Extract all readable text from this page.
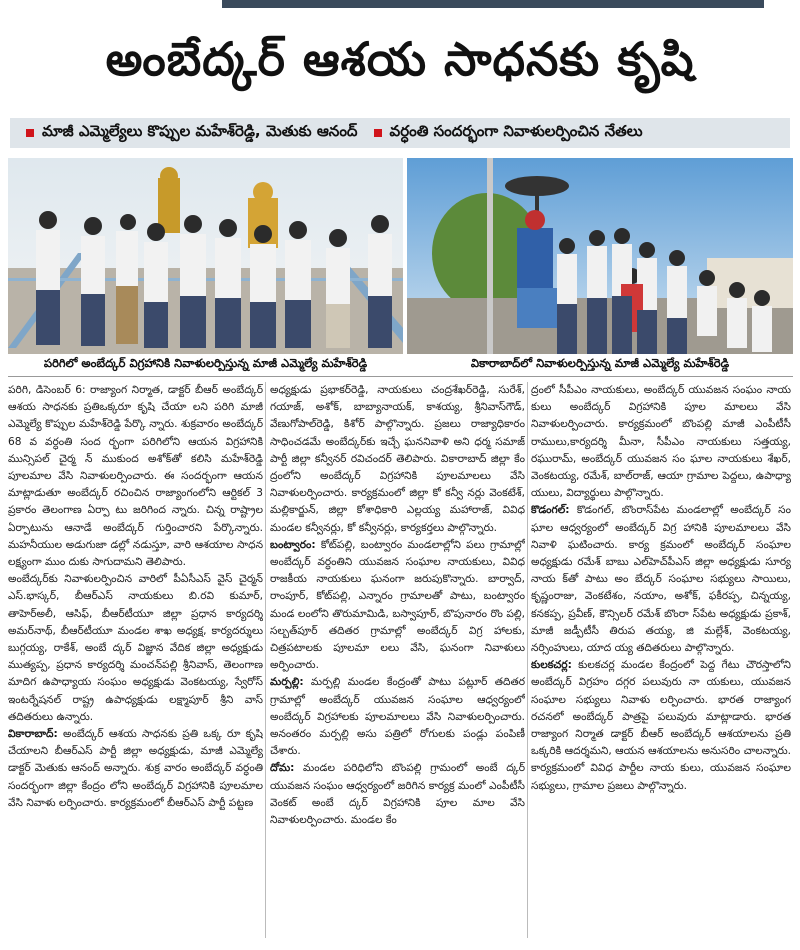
అంబేద్కర్ ఆశయ సాధనకు కృషి
మాజీ ఎమ్మెల్యేలు కొప్పుల మహేశ్‌రెడ్డి, మెతుకు ఆనంద్ వర్ధంతి సందర్భంగా నివాళులర్పించిన నేతలు
పరిగిలో అంబేద్కర్ విగ్రహానికి నివాళులర్పిస్తున్న మాజీ ఎమ్మెల్యే మహేశ్‌రెడ్డి	వికారాబాద్‌లో నివాళులర్పిస్తున్న మాజీ ఎమ్మెల్యే మహేశ్‌రెడ్డి

పరిగి, డిసెంబర్ 6: రాజ్యాంగ నిర్మాత, డాక్టర్ బీఆర్ అంబేద్కర్ ఆశయ సాధనకు ప్రతిఒక్కరూ కృషి చేయా లని పరిగి మాజీ ఎమ్మెల్యే కొప్పుల మహేశ్‌రెడ్డి పేర్కొ న్నారు. శుక్రవారం అంబేద్కర్ 68 వ వర్ధంతి సంద ర్భంగా పరిగిలోని ఆయన విగ్రహానికి మున్సిపల్ చైర్మ న్ ముకుంద అశోక్‌తో కలిసి మహేశ్‌రెడ్డి పూలమాల వేసి నివాళులర్పించారు. ఈ సందర్భంగా ఆయన మాట్లాడుతూ అంబేద్కర్ రచించిన రాజ్యాంగంలోని ఆర్టికల్ 3 ప్రకారం తెలంగాణ ఏర్పా టు జరిగింద న్నారు. చిన్న రాష్ట్రాల ఏర్పాటును ఆనాడే అంబేద్కర్ గుర్తించారని పేర్కొన్నారు. మహనీయుల అడుగుజా డల్లో నడుస్తూ, వారి ఆశయాల సాధన లక్ష్యంగా ముం దుకు సాగుదామని తెలిపారు.

అంబేద్కర్‌కు నివాళులర్పించిన వారిలో పీఏసీఎస్ వైస్ చైర్మన్ ఎస్.భాస్కర్, బీఆర్ఎస్ నాయకులు బి.రవి కుమార్, తాహెర్‌అలీ, ఆసిఫ్, బీఆర్‌టీయూ జిల్లా ప్రధాన కార్యదర్శి అమర్‌నాథ్, బీఆర్‌టీయూ మండల శాఖ అధ్యక్ష, కార్యదర్శులు బుగ్గయ్య, రాకేశ్, అంబే ద్కర్ విజ్ఞాన వేదిక జిల్లా అధ్యక్షుడు ముత్యప్ప, ప్రధాన కార్యదర్శి మంచన్‌పల్లి శ్రీనివాస్, తెలంగాణ మాదిగ ఉపాధ్యాయ సంఘం అధ్యక్షుడు వెంకటయ్య, స్వేరోస్ ఇంటర్నేషనల్ రాష్ట్ర ఉపాధ్యక్షుడు లక్ష్మాపూర్ శ్రీని వాస్ తదితరులు ఉన్నారు.

వికారాబాద్: అంబేద్కర్ ఆశయ సాధనకు ప్రతి ఒక్క రూ కృషి చేయాలని బీఆర్ఎస్ పార్టీ జిల్లా అధ్యక్షుడు, మాజీ ఎమ్మెల్యే డాక్టర్ మెతుకు ఆనంద్ అన్నారు. శుక్ర వారం అంబేద్కర్ వర్ధంతి సందర్భంగా జిల్లా కేంద్రం లోని అంబేద్కర్ విగ్రహానికి పూలమాల వేసి నివాళు లర్పించారు. కార్యక్రమంలో బీఆర్ఎస్ పార్టీ పట్టణ

అధ్యక్షుడు ప్రభాకర్‌రెడ్డి, నాయకులు చంద్రశేఖర్‌రెడ్డి, సురేశ్, గయాజ్, అశోక్, బాబ్యానాయక్, కాశయ్య, శ్రీనివాస్‌గౌడ్, వేణుగోపాల్‌రెడ్డి, కిశోర్ పాల్గొన్నారు. ప్రజలు రాజ్యాధికారం సాధించడమే అంబేద్కర్‌కు ఇచ్చే ఘననివాళి అని ధర్మ సమాజ్ పార్టీ జిల్లా కన్వీనర్ రవిచందర్ తెలిపారు. వికారాబాద్ జిల్లా కేం ద్రంలోని అంబేద్కర్ విగ్రహానికి పూలమాలలు వేసి నివాళులర్పించారు. కార్యక్రమంలో జిల్లా కో కన్వీ నర్లు వెంకటేశ్, మల్లికార్జున్, జిల్లా కోశాధికారి ఎల్లయ్య మహారాజ్, వివిధ మండల కన్వీనర్లు, కో కన్వీనర్లు, కార్యకర్తలు పాల్గొన్నారు.

బంట్వారం: కోట్‌పల్లి, బంట్వారం మండలాల్లోని పలు గ్రామాల్లో అంబేద్కర్ వర్ధంతిని యువజన సంఘాల నాయకులు, వివిధ రాజకీయ నాయకులు ఘనంగా జరుపుకొన్నారు. బార్వాద్, రాంపూర్, కోట్‌పల్లి, ఎన్నారం గ్రామాలతో పాటు, బంట్వారం మండ లంలోని తొరుమామిడి, బస్వాపూర్, బొపునారం రొం పల్లి, సల్బత్‌పూర్ తదితర గ్రామాల్లో అంబేద్కర్ విగ్ర హాలకు, చిత్రపటాలకు పూలమా లలు వేసి, ఘనంగా నివాళులు అర్పించారు.

మర్పల్లి: మర్పల్లి మండల కేంద్రంతో పాటు పట్లూర్ తదితర గ్రామాల్లో అంబేద్కర్ యువజన సంఘాల ఆధ్వర్యంలో అంబేద్కర్ విగ్రహాలకు పూలమాలలు వేసి నివాళులర్పించారు. అనంతరం మర్పల్లి అసు పత్రిలో రోగులకు పండ్లు పంపిణీ చేశారు.

దోమ: మండల పరిధిలోని బొంపల్లి గ్రామంలో అంబే ద్కర్ యువజన సంఘం ఆధ్వర్యంలో జరిగిన కార్యక్ర మంలో ఎంపీటీసీ వెంకట్ అంబే ద్కర్ విగ్రహానికి పూల మాల వేసి నివాళులర్పించారు. మండల కేం

ద్రంలో సీపీఎం నాయకులు, అంబేద్కర్ యువజన సంఘం నాయ కులు అంబేద్కర్ విగ్రహానికి పూల మాలలు వేసి నివాళులర్పించారు. కార్యక్రమంలో బొంపల్లి మాజీ ఎంపీటీసీ రాములు,కార్యదర్శి మీనా, సీపీఎం నాయకులు సత్తయ్య, రఘురామ్, అంబేద్కర్ యువజన సం ఘాల నాయకులు శేఖర్, వెంకటయ్య, రమేశ్, బాల్‌రాజ్, ఆయా గ్రామాల పెద్దలు, ఉపాధ్యా యులు, విద్యార్థులు పాల్గొన్నారు.

కొడంగల్: కొడంగల్, బొంరాస్‌పేట మండలాల్లో అంబేద్కర్ సం ఘాల ఆధ్వర్యంలో అంబేద్కర్ విగ్ర హానికి పూలమాలలు వేసి నివాళి ఘటించారు. కార్య క్రమంలో అంబేద్కర్ సంఘాల అధ్యక్షుడు రమేశ్ బాబు ఎల్‌హెచ్‌పీఎస్ జిల్లా అధ్యక్షుడు సూర్య నాయ క్‌తో పాటు అం బేద్కర్ సంఘాల సభ్యులు సాయిలు, కృష్ణంరాజు, వెంకటేశం, నయాం, అశోక్, ఫకీరప్ప, చిన్నయ్య, కనకప్ప, ప్రవీణ్, కౌన్సిలర్ రమేశ్ బొంరా స్‌పేట అధ్యక్షుడు ప్రకాశ్, మాజీ జడ్పీటీసీ తిరుప తయ్య, జి మల్లేశ్, వెంకటయ్య, నర్సింహులు, యాద య్య తదితరులు పాల్గొన్నారు.

కులకచర్ల: కులకచర్ల మండల కేంద్రంలో పెద్ద గేటు చౌరస్తాలోని అంబేద్కర్ విగ్రహం దగ్గర పలువురు నా యకులు, యువజన సంఘాల సభ్యులు నివాళు లర్పించారు. భారత రాజ్యాంగ రచనలో అంబేద్కర్ పాత్రపై పలువురు మాట్లాడారు. భారత రాజ్యాంగ నిర్మాత డాక్టర్ బీఆర్ అంబేద్కర్ ఆశయాలను ప్రతి ఒక్కరికి ఆదర్శమని, ఆయన ఆశయాలను అనుసరిం చాలన్నారు. కార్యక్రమంలో వివిధ పార్టీల నాయ కులు, యువజన సంఘాల సభ్యులు, గ్రామాల ప్రజలు పాల్గొన్నారు.
